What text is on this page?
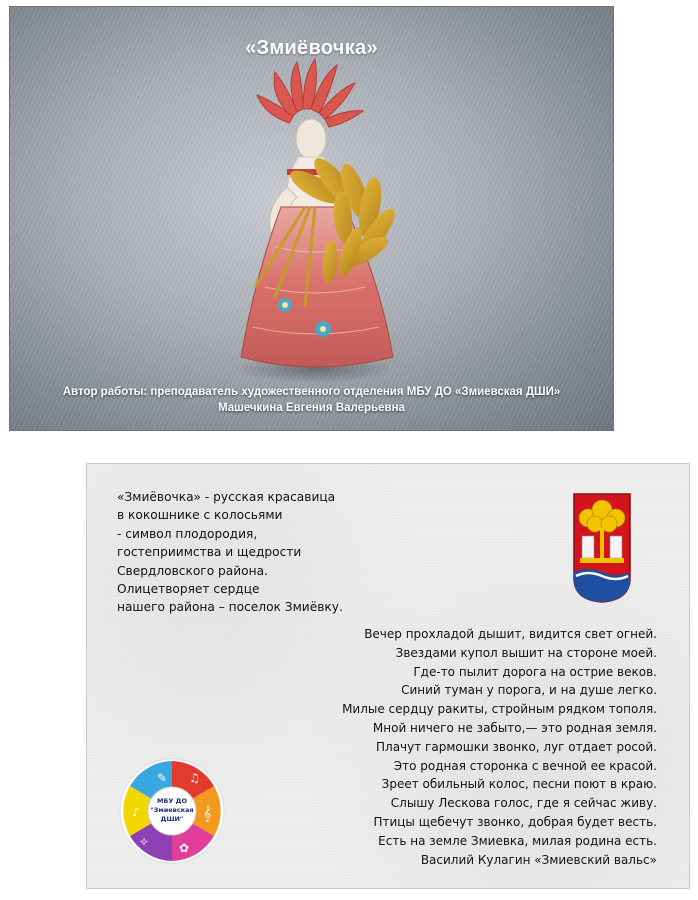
«Змиёвочка»
Автор работы: преподаватель художественного отделения МБУ ДО «Змиевская ДШИ»
Машечкина Евгения Валерьевна
«Змиёвочка» - русская красавица
в кокошнике с колосьями
- символ плодородия,
гостеприимства и щедрости
Свердловского района.
Олицетворяет сердце
нашего района – поселок Змиёвку.
Вечер прохладой дышит, видится свет огней.
Звездами купол вышит на стороне моей.
Где-то пылит дорога на острие веков.
Синий туман у порога, и на душе легко.
Милые сердцу ракиты, стройным рядком тополя.
Мной ничего не забыто,— это родная земля.
Плачут гармошки звонко, луг отдает росой.
Это родная сторонка с вечной ее красой.
Зреет обильный колос, песни поют в краю.
Слышу Лескова голос, где я сейчас живу.
Птицы щебечут звонко, добрая будет весть.
Есть на земле Змиевка, милая родина есть.
Василий Кулагин «Змиевский вальс»
✎ ♫
𝄞
✿
✧
♪
МБУ ДО
"Змиевская ДШИ"
